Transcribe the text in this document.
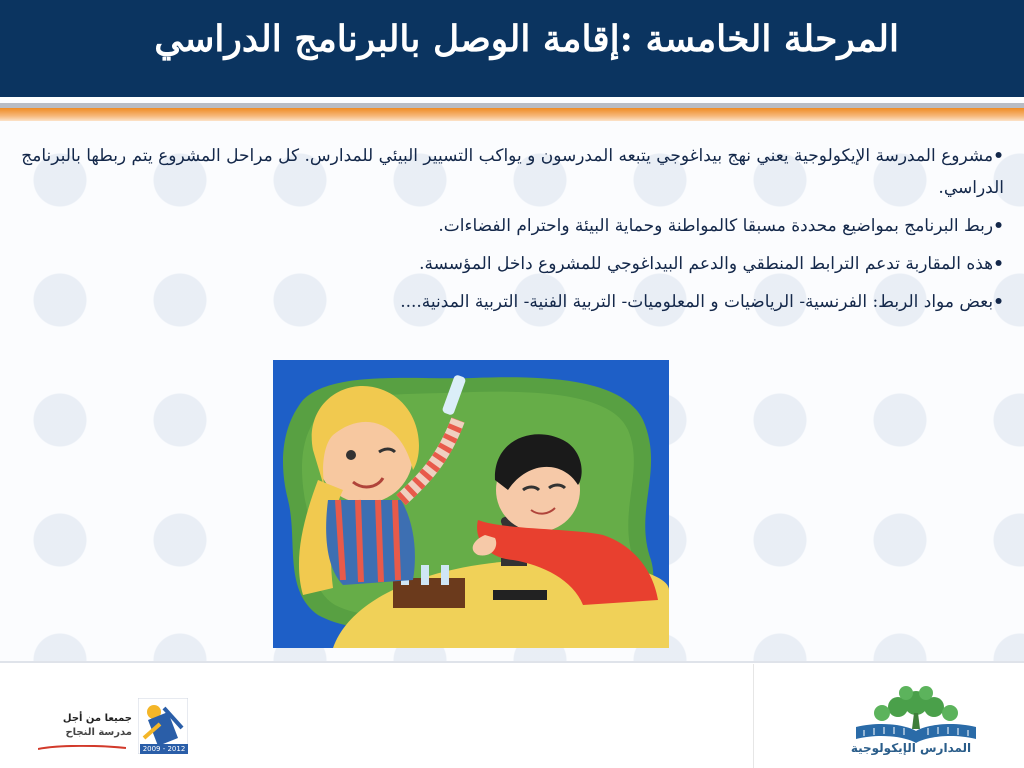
المرحلة الخامسة :إقامة الوصل بالبرنامج الدراسي

•مشروع المدرسة الإيكولوجية يعني نهج بيداغوجي يتبعه المدرسون و يواكب التسيير البيئي للمدارس. كل مراحل المشروع يتم ربطها بالبرنامج الدراسي.

•ربط البرنامج بمواضيع محددة مسبقا كالمواطنة وحماية البيئة واحترام الفضاءات.

•هذه المقاربة تدعم الترابط المنطقي والدعم البيداغوجي للمشروع داخل المؤسسة.

•بعض مواد الربط: الفرنسية- الرياضيات و المعلوميات- التربية الفنية- التربية المدنية....

2009 - 2012
جميعا من أجل
مدرسة النجاح
المدارس الإيكولوجية
